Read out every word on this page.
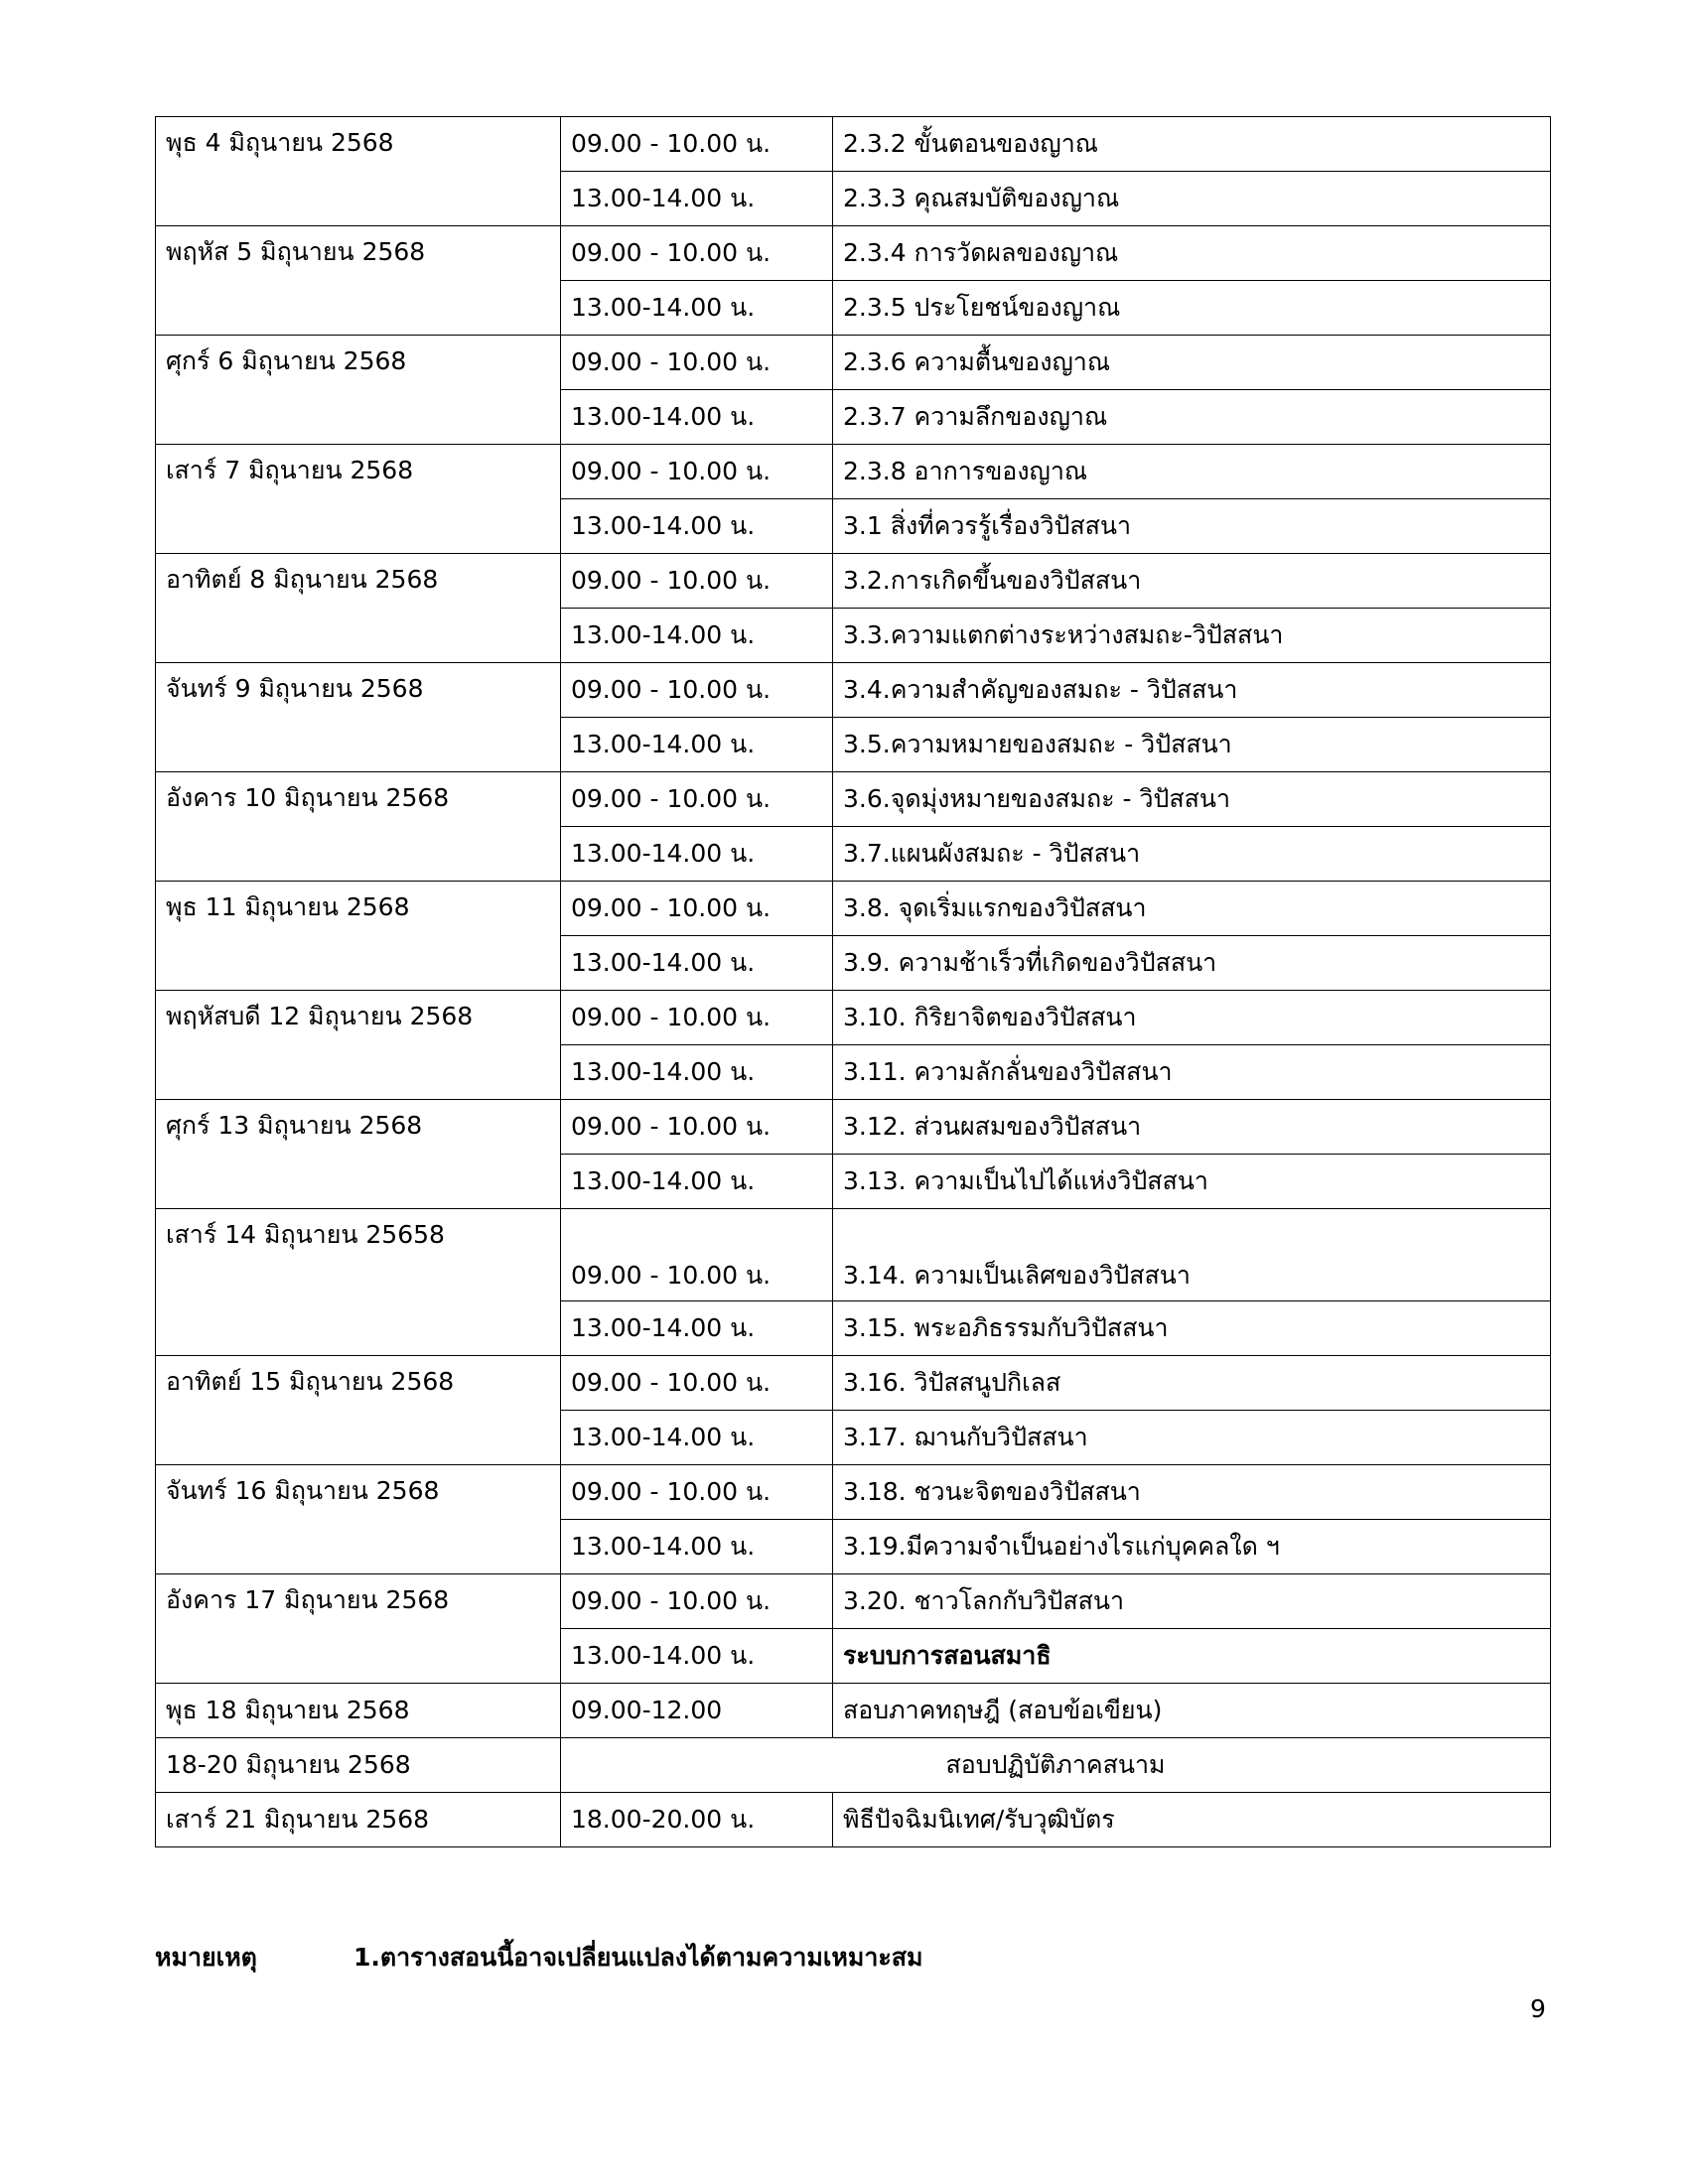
พุธ 4 มิถุนายน 2568	09.00 - 10.00 น.	2.3.2 ขั้นตอนของญาณ
	13.00-14.00 น.	2.3.3 คุณสมบัติของญาณ
พฤหัส 5 มิถุนายน 2568	09.00 - 10.00 น.	2.3.4 การวัดผลของญาณ
	13.00-14.00 น.	2.3.5 ประโยชน์ของญาณ
ศุกร์ 6 มิถุนายน 2568	09.00 - 10.00 น.	2.3.6 ความตื้นของญาณ
	13.00-14.00 น.	2.3.7 ความลึกของญาณ
เสาร์ 7 มิถุนายน 2568	09.00 - 10.00 น.	2.3.8 อาการของญาณ
	13.00-14.00 น.	3.1 สิ่งที่ควรรู้เรื่องวิปัสสนา
อาทิตย์ 8 มิถุนายน 2568	09.00 - 10.00 น.	3.2.การเกิดขึ้นของวิปัสสนา
	13.00-14.00 น.	3.3.ความแตกต่างระหว่างสมถะ-วิปัสสนา
จันทร์ 9 มิถุนายน 2568	09.00 - 10.00 น.	3.4.ความสำคัญของสมถะ - วิปัสสนา
	13.00-14.00 น.	3.5.ความหมายของสมถะ - วิปัสสนา
อังคาร 10 มิถุนายน 2568	09.00 - 10.00 น.	3.6.จุดมุ่งหมายของสมถะ - วิปัสสนา
	13.00-14.00 น.	3.7.แผนผังสมถะ - วิปัสสนา
พุธ 11 มิถุนายน 2568	09.00 - 10.00 น.	3.8. จุดเริ่มแรกของวิปัสสนา
	13.00-14.00 น.	3.9. ความช้าเร็วที่เกิดของวิปัสสนา
พฤหัสบดี 12 มิถุนายน 2568	09.00 - 10.00 น.	3.10. กิริยาจิตของวิปัสสนา
	13.00-14.00 น.	3.11. ความลักลั่นของวิปัสสนา
ศุกร์ 13 มิถุนายน 2568	09.00 - 10.00 น.	3.12. ส่วนผสมของวิปัสสนา
	13.00-14.00 น.	3.13. ความเป็นไปได้แห่งวิปัสสนา
เสาร์ 14 มิถุนายน 25658	09.00 - 10.00 น.	3.14. ความเป็นเลิศของวิปัสสนา
	13.00-14.00 น.	3.15. พระอภิธรรมกับวิปัสสนา
อาทิตย์ 15 มิถุนายน 2568	09.00 - 10.00 น.	3.16. วิปัสสนูปกิเลส
	13.00-14.00 น.	3.17. ฌานกับวิปัสสนา
จันทร์ 16 มิถุนายน 2568	09.00 - 10.00 น.	3.18. ชวนะจิตของวิปัสสนา
	13.00-14.00 น.	3.19.มีความจำเป็นอย่างไรแก่บุคคลใด ฯ
อังคาร 17 มิถุนายน 2568	09.00 - 10.00 น.	3.20. ชาวโลกกับวิปัสสนา
	13.00-14.00 น.	ระบบการสอนสมาธิ
พุธ 18 มิถุนายน 2568	09.00-12.00	สอบภาคทฤษฎี (สอบข้อเขียน)
18-20 มิถุนายน 2568	สอบปฏิบัติภาคสนาม	
เสาร์ 21 มิถุนายน 2568	18.00-20.00 น.	พิธีปัจฉิมนิเทศ/รับวุฒิบัตร
หมายเหตุ	1.ตารางสอนนี้อาจเปลี่ยนแปลงได้ตามความเหมาะสม
9
